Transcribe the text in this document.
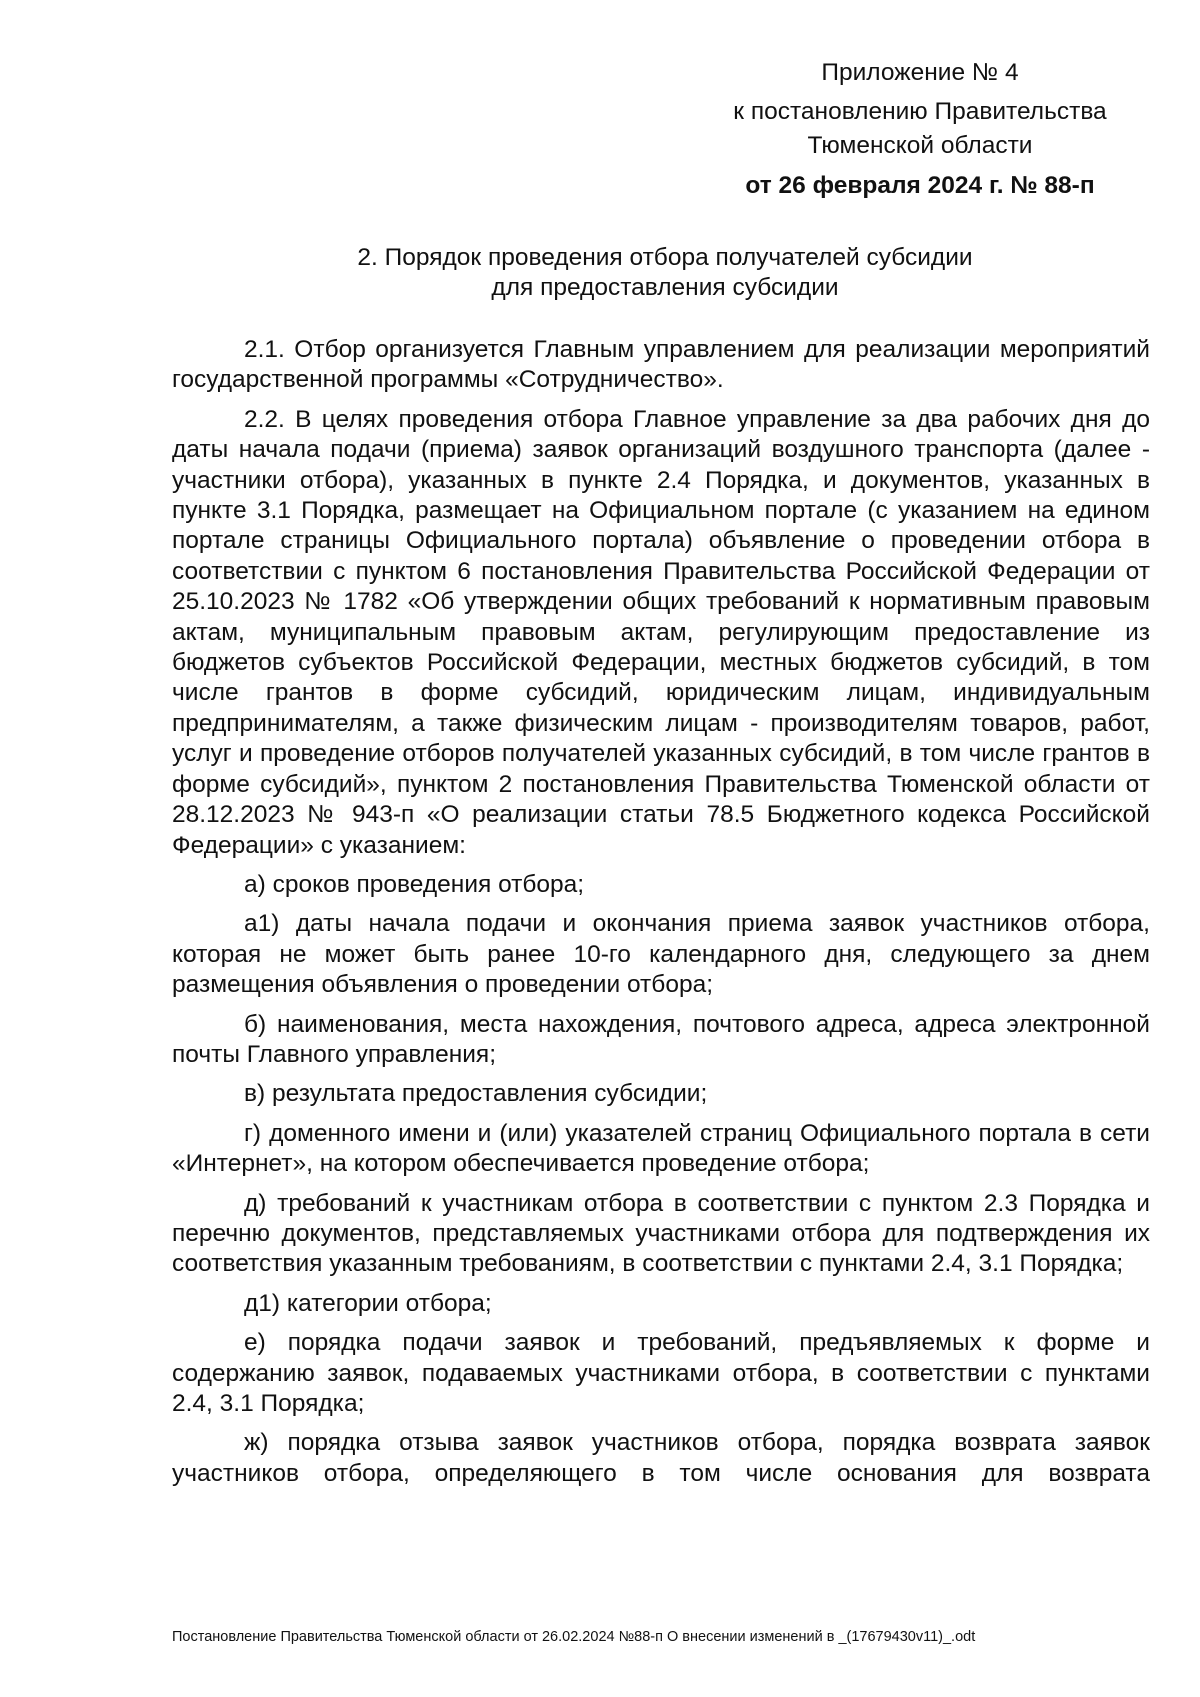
Приложение № 4
к постановлению Правительства
Тюменской области
от 26 февраля 2024 г. № 88-п
2. Порядок проведения отбора получателей субсидии
для предоставления субсидии

2.1. Отбор организуется Главным управлением для реализации мероприятий государственной программы «Сотрудничество».

2.2. В целях проведения отбора Главное управление за два рабочих дня до даты начала подачи (приема) заявок организаций воздушного транспорта (далее - участники отбора), указанных в пункте 2.4 Порядка, и документов, указанных в пункте 3.1 Порядка, размещает на Официальном портале (с указанием на едином портале страницы Официального портала) объявление о проведении отбора в соответствии с пунктом 6 постановления Правительства Российской Федерации от 25.10.2023 № 1782 «Об утверждении общих требований к нормативным правовым актам, муниципальным правовым актам, регулирующим предоставление из бюджетов субъектов Российской Федерации, местных бюджетов субсидий, в том числе грантов в форме субсидий, юридическим лицам, индивидуальным предпринимателям, а также физическим лицам - производителям товаров, работ, услуг и проведение отборов получателей указанных субсидий, в том числе грантов в форме субсидий», пунктом 2 постановления Правительства Тюменской области от 28.12.2023 № 943-п «О реализации статьи 78.5 Бюджетного кодекса Российской Федерации» с указанием:

а) сроков проведения отбора;

а1) даты начала подачи и окончания приема заявок участников отбора, которая не может быть ранее 10-го календарного дня, следующего за днем размещения объявления о проведении отбора;

б) наименования, места нахождения, почтового адреса, адреса электронной почты Главного управления;

в) результата предоставления субсидии;

г) доменного имени и (или) указателей страниц Официального портала в сети «Интернет», на котором обеспечивается проведение отбора;

д) требований к участникам отбора в соответствии с пунктом 2.3 Порядка и перечню документов, представляемых участниками отбора для подтверждения их соответствия указанным требованиям, в соответствии с пунктами 2.4, 3.1 Порядка;

д1) категории отбора;

е) порядка подачи заявок и требований, предъявляемых к форме и содержанию заявок, подаваемых участниками отбора, в соответствии с пунктами 2.4, 3.1 Порядка;

ж) порядка отзыва заявок участников отбора, порядка возврата заявок участников отбора, определяющего в том числе основания для возврата

Постановление Правительства Тюменской области от 26.02.2024 №88-п О внесении изменений в _(17679430v11)_.odt
